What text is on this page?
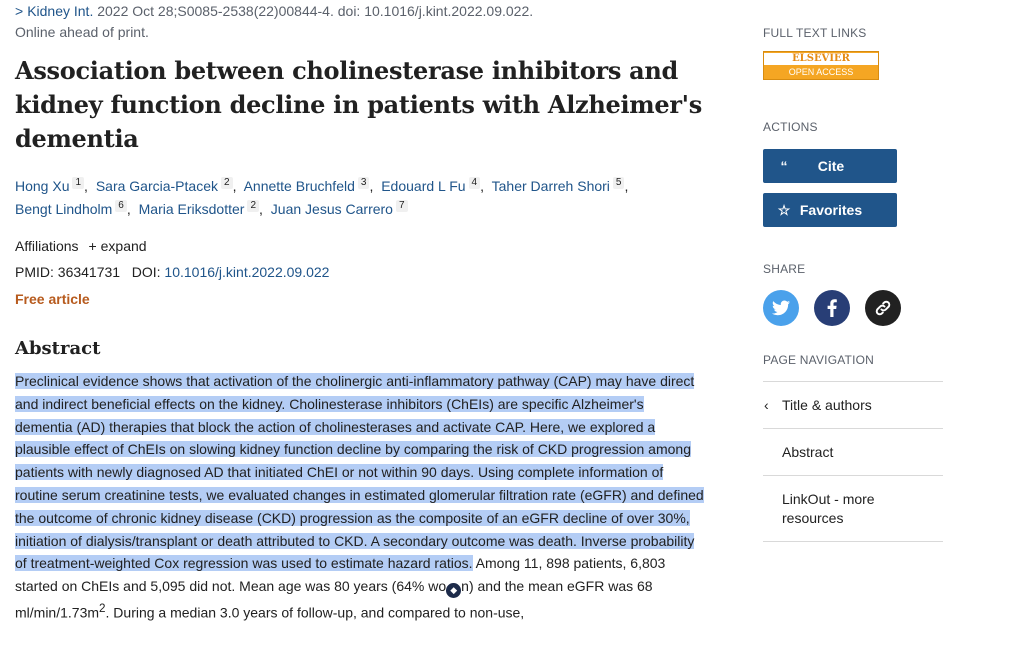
> Kidney Int. 2022 Oct 28;S0085-2538(22)00844-4. doi: 10.1016/j.kint.2022.09.022.
Online ahead of print.
Association between cholinesterase inhibitors and kidney function decline in patients with Alzheimer's dementia
Hong Xu 1 , Sara Garcia-Ptacek 2 , Annette Bruchfeld 3 , Edouard L Fu 4 , Taher Darreh Shori 5 ,
Bengt Lindholm 6 , Maria Eriksdotter 2 , Juan Jesus Carrero 7
Affiliations + expand
PMID: 36341731 DOI: 10.1016/j.kint.2022.09.022
Free article
Abstract
Preclinical evidence shows that activation of the cholinergic anti-inflammatory pathway (CAP) may have direct and indirect beneficial effects on the kidney. Cholinesterase inhibitors (ChEIs) are specific Alzheimer's dementia (AD) therapies that block the action of cholinesterases and activate CAP. Here, we explored a plausible effect of ChEIs on slowing kidney function decline by comparing the risk of CKD progression among patients with newly diagnosed AD that initiated ChEI or not within 90 days. Using complete information of routine serum creatinine tests, we evaluated changes in estimated glomerular filtration rate (eGFR) and defined the outcome of chronic kidney disease (CKD) progression as the composite of an eGFR decline of over 30%, initiation of dialysis/transplant or death attributed to CKD. A secondary outcome was death. Inverse probability of treatment-weighted Cox regression was used to estimate hazard ratios. Among 11, 898 patients, 6,803 started on ChEIs and 5,095 did not. Mean age was 80 years (64% wo ◆ n) and the mean eGFR was 68 $ml/\min/1.73m^2$. During a median 3.0 years of follow-up, and compared to non-use,
FULL TEXT LINKS
ELSEVIER
OPEN ACCESS
ACTIONS
“	Cite
☆ Favorites
SHARE
PAGE NAVIGATION
‹ Title & authors
Abstract
LinkOut - more resources
